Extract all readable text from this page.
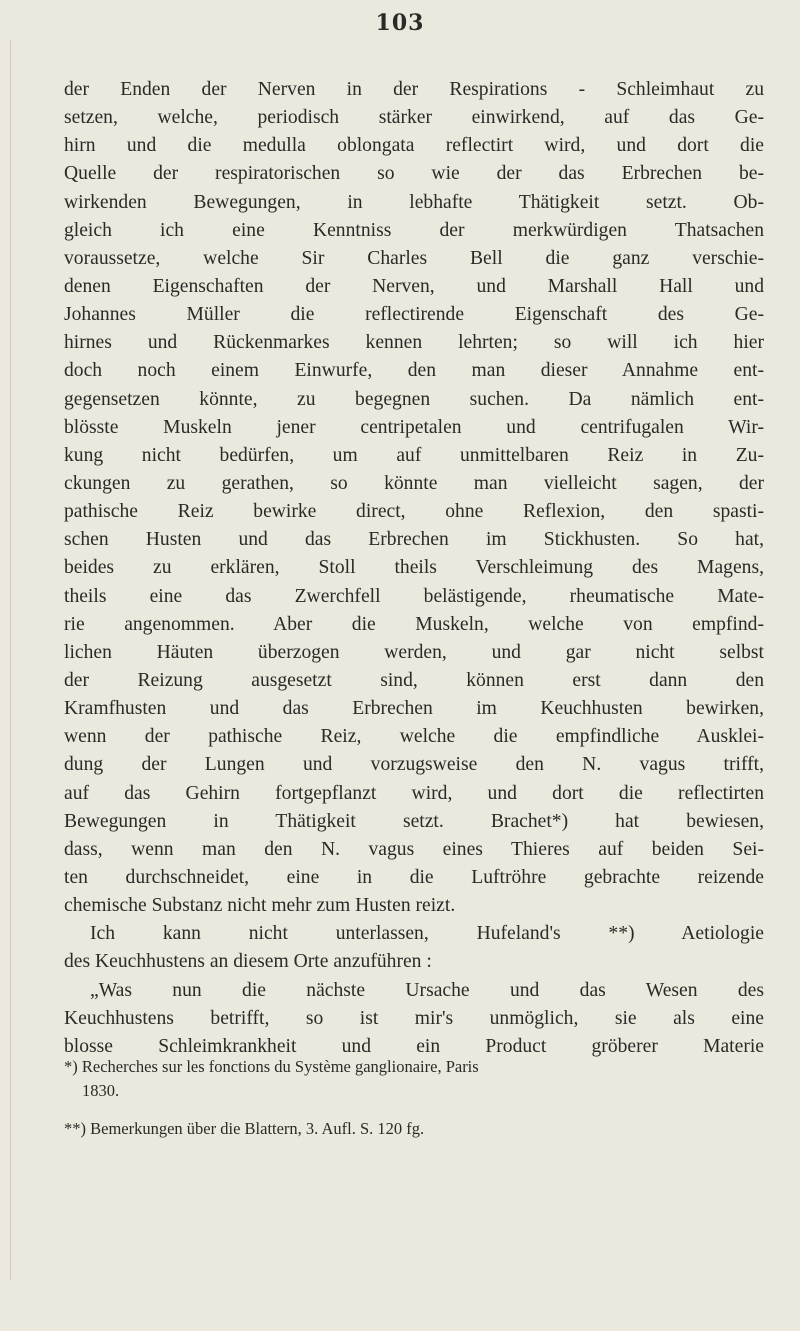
103
der Enden der Nerven in der Respirations - Schleimhaut zu
setzen, welche, periodisch stärker einwirkend, auf das Ge-
hirn und die medulla oblongata reflectirt wird, und dort die
Quelle der respiratorischen so wie der das Erbrechen be-
wirkenden Bewegungen, in lebhafte Thätigkeit setzt. Ob-
gleich ich eine Kenntniss der merkwürdigen Thatsachen
voraussetze, welche Sir Charles Bell die ganz verschie-
denen Eigenschaften der Nerven, und Marshall Hall und
Johannes Müller die reflectirende Eigenschaft des Ge-
hirnes und Rückenmarkes kennen lehrten; so will ich hier
doch noch einem Einwurfe, den man dieser Annahme ent-
gegensetzen könnte, zu begegnen suchen. Da nämlich ent-
blösste Muskeln jener centripetalen und centrifugalen Wir-
kung nicht bedürfen, um auf unmittelbaren Reiz in Zu-
ckungen zu gerathen, so könnte man vielleicht sagen, der
pathische Reiz bewirke direct, ohne Reflexion, den spasti-
schen Husten und das Erbrechen im Stickhusten. So hat,
beides zu erklären, Stoll theils Verschleimung des Magens,
theils eine das Zwerchfell belästigende, rheumatische Mate-
rie angenommen. Aber die Muskeln, welche von empfind-
lichen Häuten überzogen werden, und gar nicht selbst
der Reizung ausgesetzt sind, können erst dann den
Kramfhusten und das Erbrechen im Keuchhusten bewirken,
wenn der pathische Reiz, welche die empfindliche Ausklei-
dung der Lungen und vorzugsweise den N. vagus trifft,
auf das Gehirn fortgepflanzt wird, und dort die reflectirten
Bewegungen in Thätigkeit setzt. Brachet*) hat bewiesen,
dass, wenn man den N. vagus eines Thieres auf beiden Sei-
ten durchschneidet, eine in die Luftröhre gebrachte reizende
chemische Substanz nicht mehr zum Husten reizt.
Ich kann nicht unterlassen, Hufeland's **) Aetiologie
des Keuchhustens an diesem Orte anzuführen :
„Was nun die nächste Ursache und das Wesen des
Keuchhustens betrifft, so ist mir's unmöglich, sie als eine
blosse Schleimkrankheit und ein Product gröberer Materie
*) Recherches sur les fonctions du Système ganglionaire, Paris
1830.
**) Bemerkungen über die Blattern, 3. Aufl. S. 120 fg.
